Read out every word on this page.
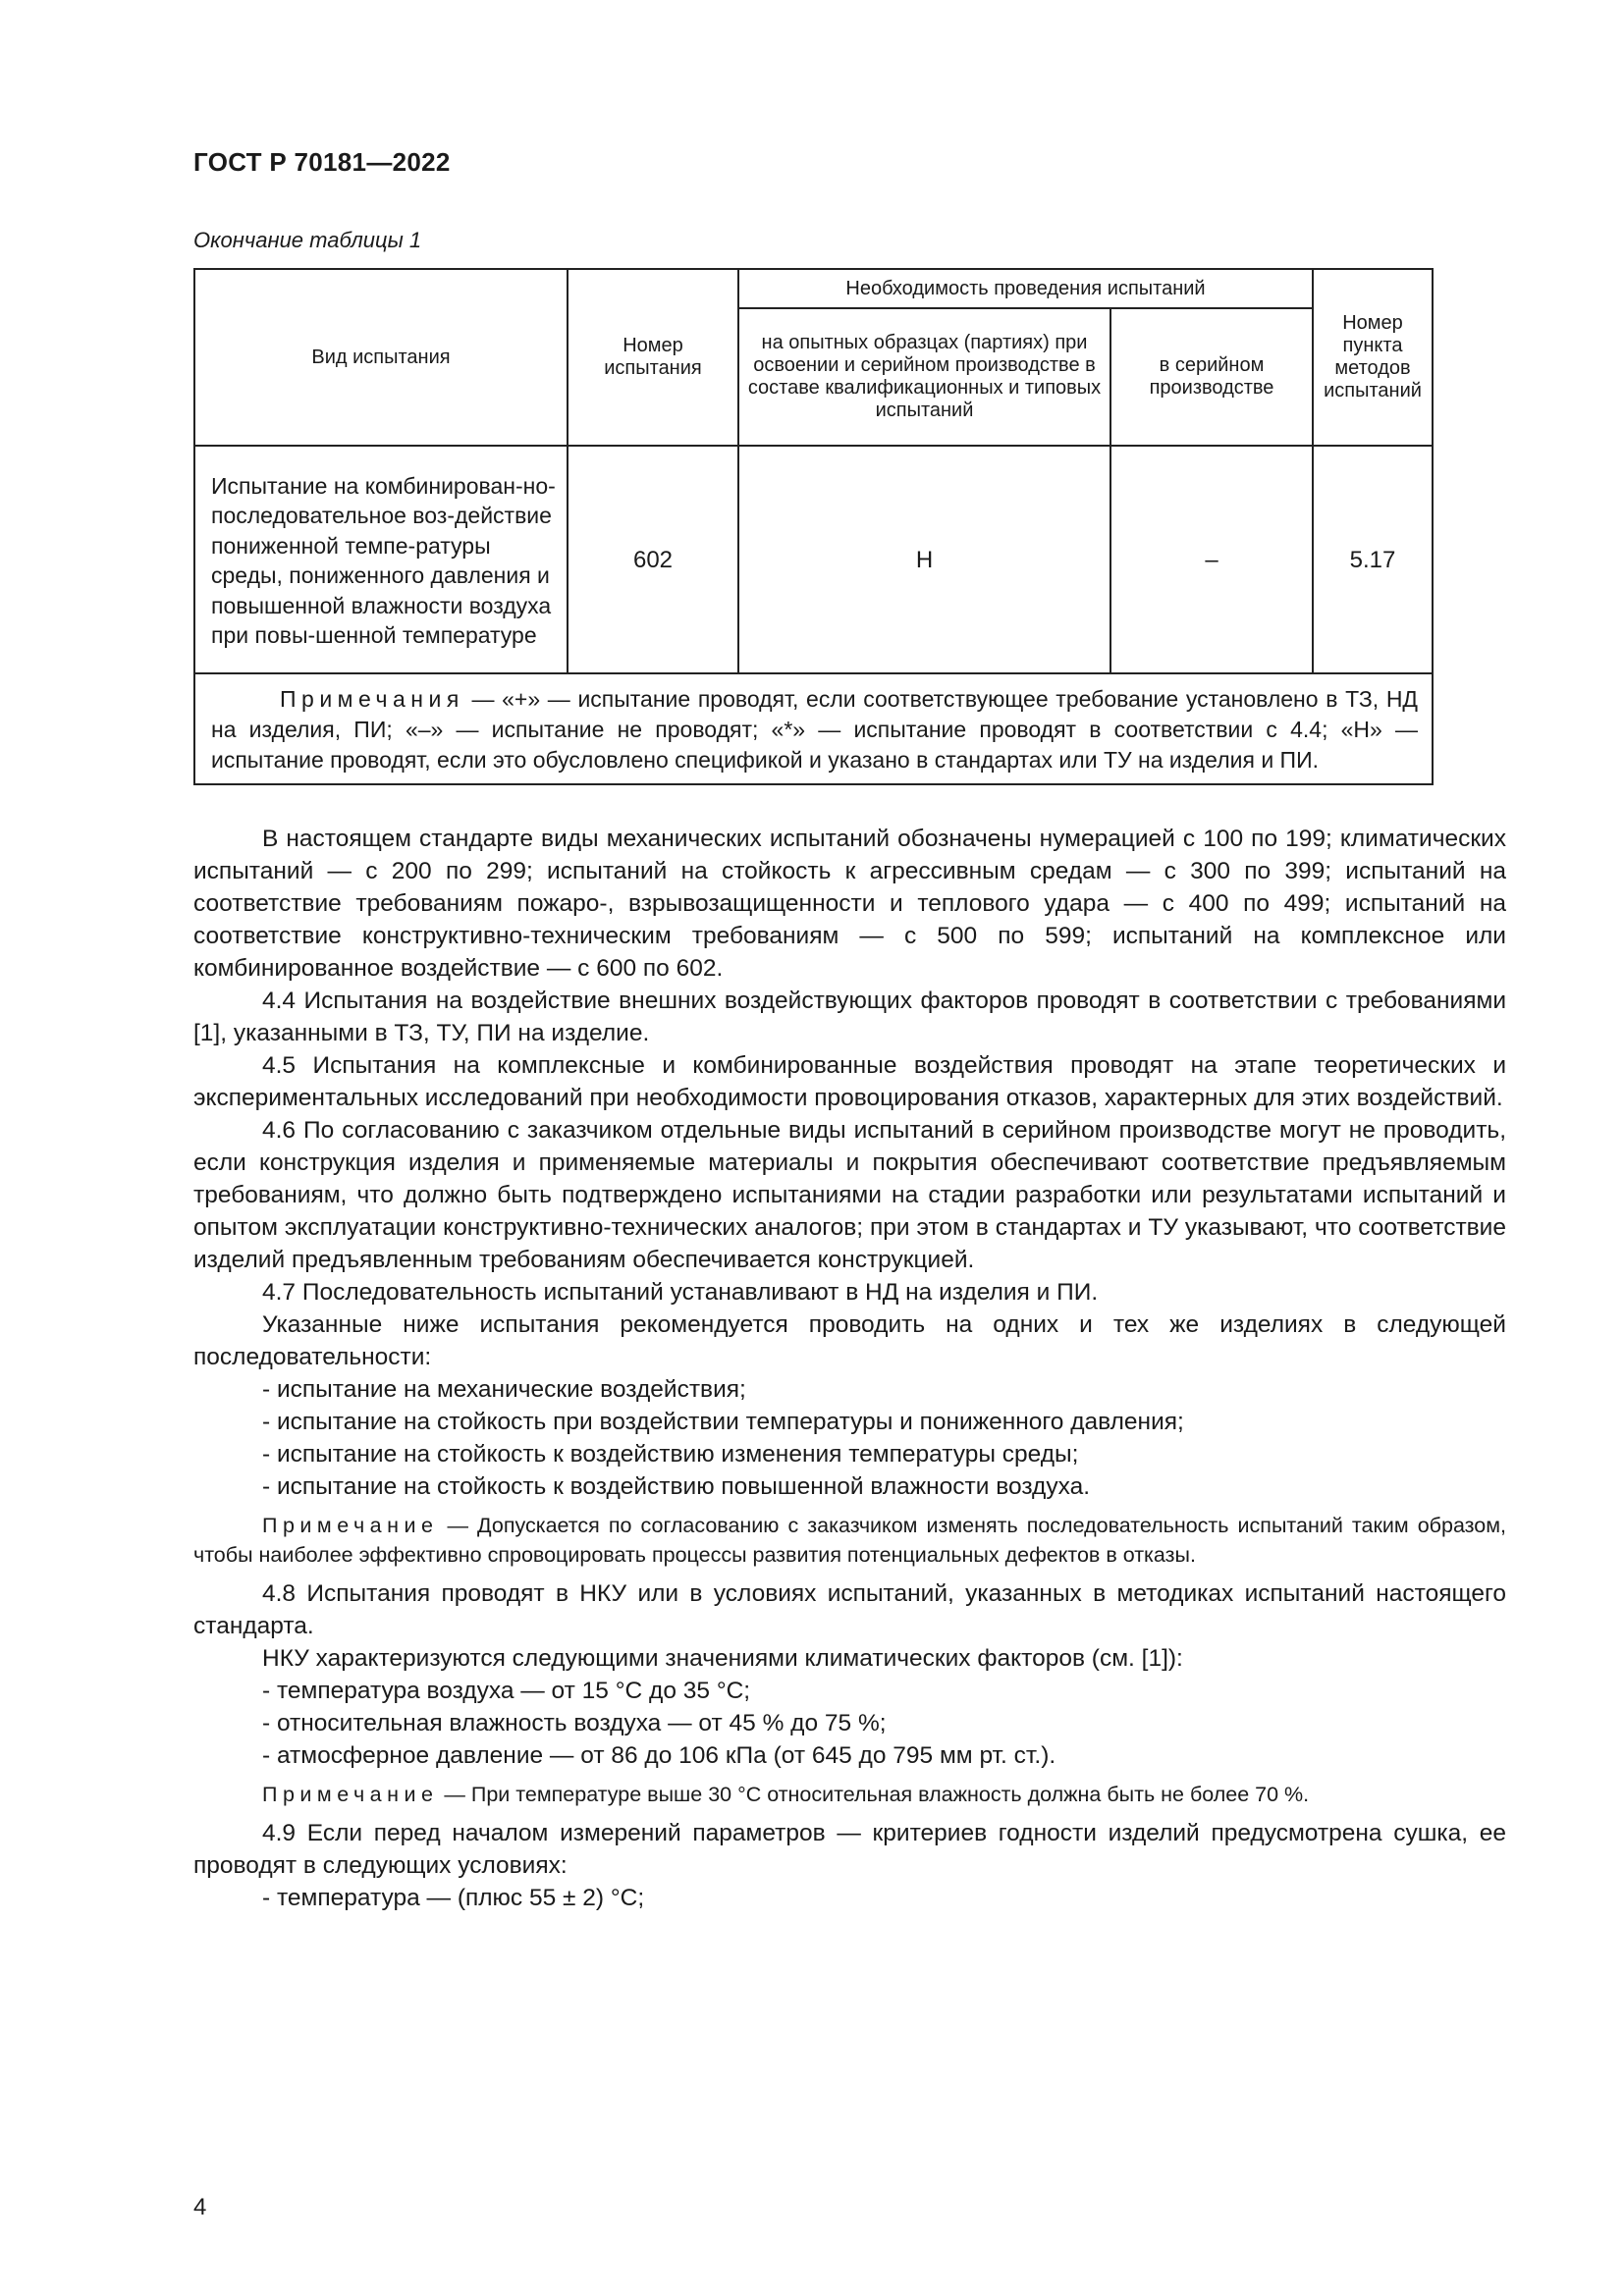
ГОСТ Р 70181—2022
Окончание таблицы 1
Вид испытания	Номер испытания	Необходимость проведения испытаний		Номер пункта методов испытаний
		на опытных образцах (партиях) при освоении и серийном производстве в составе квалификационных и типовых испытаний	в серийном производстве	
Испытание на комбинирован-но-последовательное воз-действие пониженной темпе-ратуры среды, пониженного давления и повышенной влажности воздуха при повы-шенной температуре	602	Н	–	5.17
Примечания — «+» — испытание проводят, если соответствующее требование установлено в ТЗ, НД на изделия, ПИ; «–» — испытание не проводят; «*» — испытание проводят в соответствии с 4.4; «Н» — испытание проводят, если это обусловлено спецификой и указано в стандартах или ТУ на изделия и ПИ.				

В настоящем стандарте виды механических испытаний обозначены нумерацией с 100 по 199; климатических испытаний — с 200 по 299; испытаний на стойкость к агрессивным средам — с 300 по 399; испытаний на соответствие требованиям пожаро-, взрывозащищенности и теплового удара — с 400 по 499; испытаний на соответствие конструктивно-техническим требованиям — с 500 по 599; испытаний на комплексное или комбинированное воздействие — с 600 по 602.

4.4 Испытания на воздействие внешних воздействующих факторов проводят в соответствии с требованиями [1], указанными в ТЗ, ТУ, ПИ на изделие.

4.5 Испытания на комплексные и комбинированные воздействия проводят на этапе теоретических и экспериментальных исследований при необходимости провоцирования отказов, характерных для этих воздействий.

4.6 По согласованию с заказчиком отдельные виды испытаний в серийном производстве могут не проводить, если конструкция изделия и применяемые материалы и покрытия обеспечивают соответствие предъявляемым требованиям, что должно быть подтверждено испытаниями на стадии разработки или результатами испытаний и опытом эксплуатации конструктивно-технических аналогов; при этом в стандартах и ТУ указывают, что соответствие изделий предъявленным требованиям обеспечивается конструкцией.

4.7 Последовательность испытаний устанавливают в НД на изделия и ПИ.

Указанные ниже испытания рекомендуется проводить на одних и тех же изделиях в следующей последовательности:

- испытание на механические воздействия;

- испытание на стойкость при воздействии температуры и пониженного давления;

- испытание на стойкость к воздействию изменения температуры среды;

- испытание на стойкость к воздействию повышенной влажности воздуха.

Примечание — Допускается по согласованию с заказчиком изменять последовательность испытаний таким образом, чтобы наиболее эффективно спровоцировать процессы развития потенциальных дефектов в отказы.

4.8 Испытания проводят в НКУ или в условиях испытаний, указанных в методиках испытаний настоящего стандарта.

НКУ характеризуются следующими значениями климатических факторов (см. [1]):

- температура воздуха — от 15 °С до 35 °С;

- относительная влажность воздуха — от 45 % до 75 %;

- атмосферное давление — от 86 до 106 кПа (от 645 до 795 мм рт. ст.).

Примечание — При температуре выше 30 °С относительная влажность должна быть не более 70 %.

4.9 Если перед началом измерений параметров — критериев годности изделий предусмотрена сушка, ее проводят в следующих условиях:

- температура — (плюс 55 ± 2) °С;

4
